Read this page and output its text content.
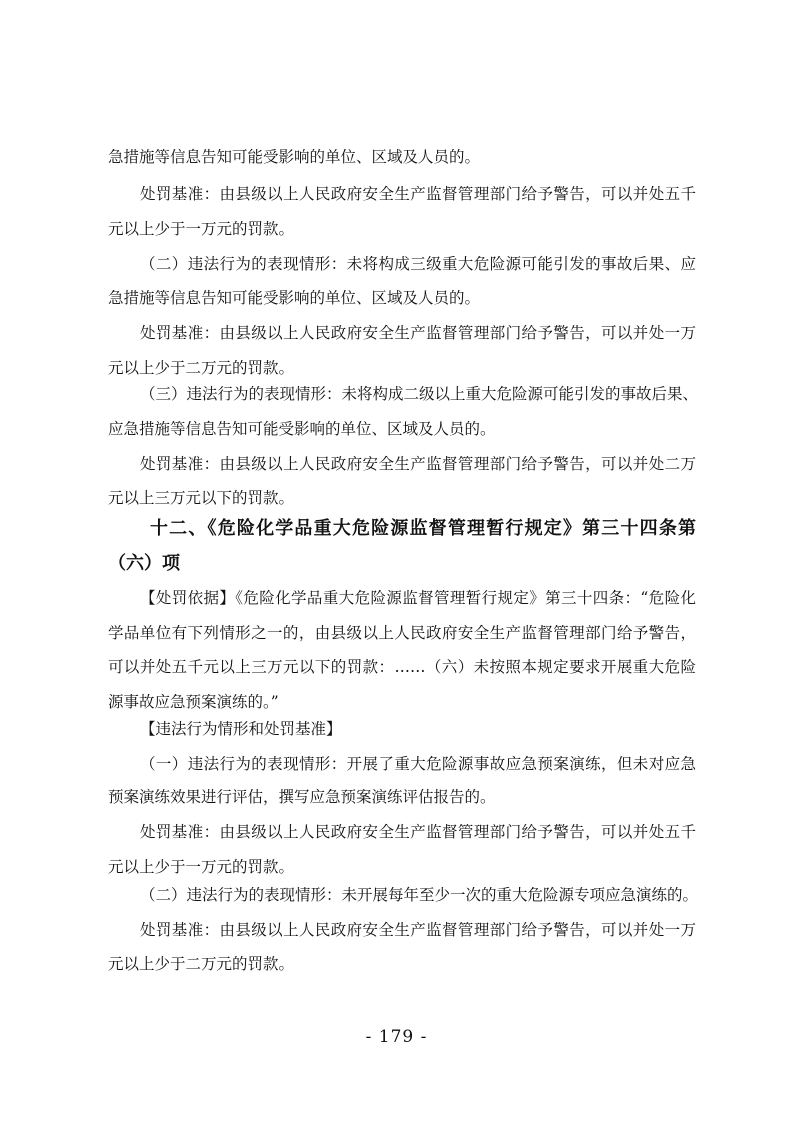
急措施等信息告知可能受影响的单位、区域及人员的。
处罚基准：由县级以上人民政府安全生产监督管理部门给予警告，可以并处五千
元以上少于一万元的罚款。
（二）违法行为的表现情形：未将构成三级重大危险源可能引发的事故后果、应
急措施等信息告知可能受影响的单位、区域及人员的。
处罚基准：由县级以上人民政府安全生产监督管理部门给予警告，可以并处一万
元以上少于二万元的罚款。
（三）违法行为的表现情形：未将构成二级以上重大危险源可能引发的事故后果、
应急措施等信息告知可能受影响的单位、区域及人员的。
处罚基准：由县级以上人民政府安全生产监督管理部门给予警告，可以并处二万
元以上三万元以下的罚款。
十二、《危险化学品重大危险源监督管理暂行规定》第三十四条第
（六）项
【处罚依据】《危险化学品重大危险源监督管理暂行规定》第三十四条：“危险化
学品单位有下列情形之一的，由县级以上人民政府安全生产监督管理部门给予警告，
可以并处五千元以上三万元以下的罚款：……（六）未按照本规定要求开展重大危险
源事故应急预案演练的。”
【违法行为情形和处罚基准】
（一）违法行为的表现情形：开展了重大危险源事故应急预案演练，但未对应急
预案演练效果进行评估，撰写应急预案演练评估报告的。
处罚基准：由县级以上人民政府安全生产监督管理部门给予警告，可以并处五千
元以上少于一万元的罚款。
（二）违法行为的表现情形：未开展每年至少一次的重大危险源专项应急演练的。
处罚基准：由县级以上人民政府安全生产监督管理部门给予警告，可以并处一万
元以上少于二万元的罚款。
- 179 -
